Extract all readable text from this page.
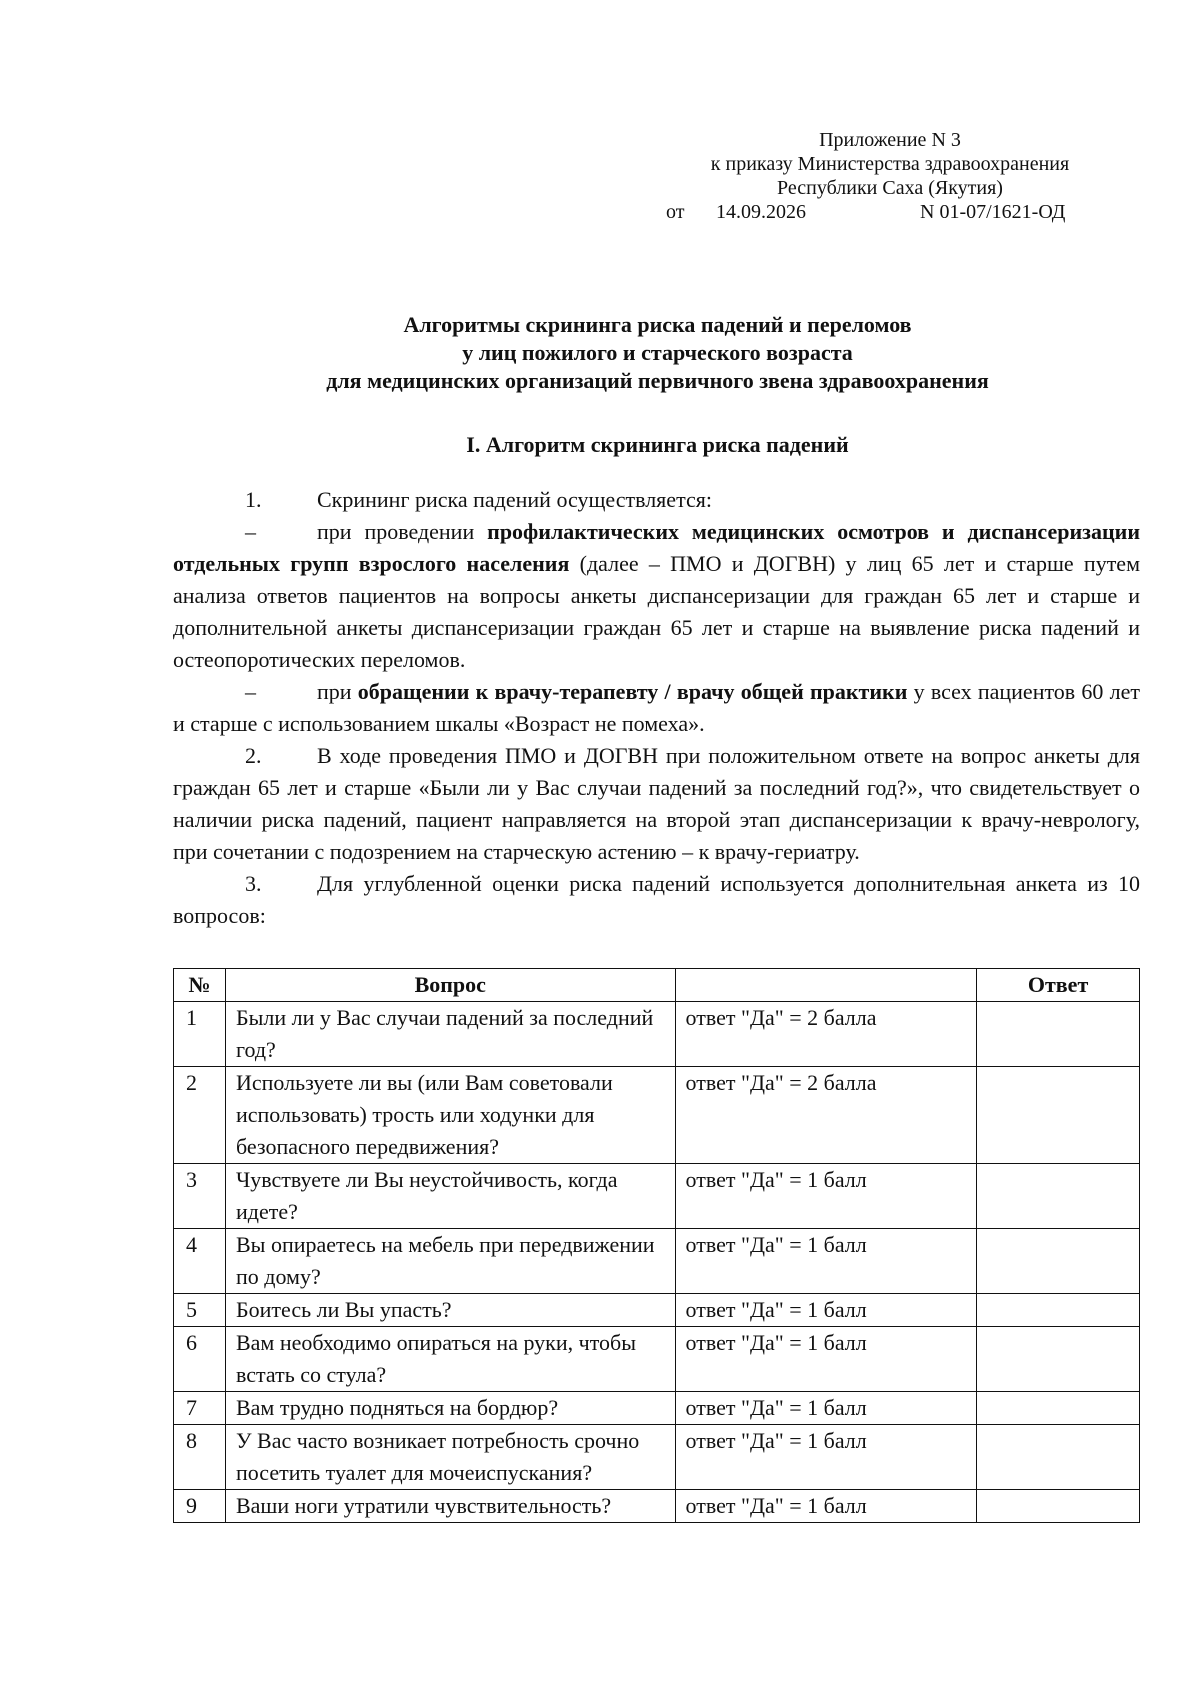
Приложение N 3
к приказу Министерства здравоохранения
Республики Саха (Якутия)
от 14.09.2026	N 01-07/1621-ОД
Алгоритмы скрининга риска падений и переломов
у лиц пожилого и старческого возраста
для медицинских организаций первичного звена здравоохранения
I. Алгоритм скрининга риска падений

1.	Скрининг риска падений осуществляется:

–	при проведении профилактических медицинских осмотров и диспансеризации отдельных групп взрослого населения (далее – ПМО и ДОГВН) у лиц 65 лет и старше путем анализа ответов пациентов на вопросы анкеты диспансеризации для граждан 65 лет и старше и дополнительной анкеты диспансеризации граждан 65 лет и старше на выявление риска падений и остеопоротических переломов.

–	при обращении к врачу-терапевту / врачу общей практики у всех пациентов 60 лет и старше с использованием шкалы «Возраст не помеха».

2.	В ходе проведения ПМО и ДОГВН при положительном ответе на вопрос анкеты для граждан 65 лет и старше «Были ли у Вас случаи падений за последний год?», что свидетельствует о наличии риска падений, пациент направляется на второй этап диспансеризации к врачу-неврологу, при сочетании с подозрением на старческую астению – к врачу-гериатру.

3.	Для углубленной оценки риска падений используется дополнительная анкета из 10 вопросов:

№	Вопрос		Ответ
1	Были ли у Вас случаи падений за последний год?	ответ "Да" = 2 балла	
2	Используете ли вы (или Вам советовали использовать) трость или ходунки для безопасного передвижения?	ответ "Да" = 2 балла	
3	Чувствуете ли Вы неустойчивость, когда идете?	ответ "Да" = 1 балл	
4	Вы опираетесь на мебель при передвижении по дому?	ответ "Да" = 1 балл	
5	Боитесь ли Вы упасть?	ответ "Да" = 1 балл	
6	Вам необходимо опираться на руки, чтобы встать со стула?	ответ "Да" = 1 балл	
7	Вам трудно подняться на бордюр?	ответ "Да" = 1 балл	
8	У Вас часто возникает потребность срочно посетить туалет для мочеиспускания?	ответ "Да" = 1 балл	
9	Ваши ноги утратили чувствительность?	ответ "Да" = 1 балл	
